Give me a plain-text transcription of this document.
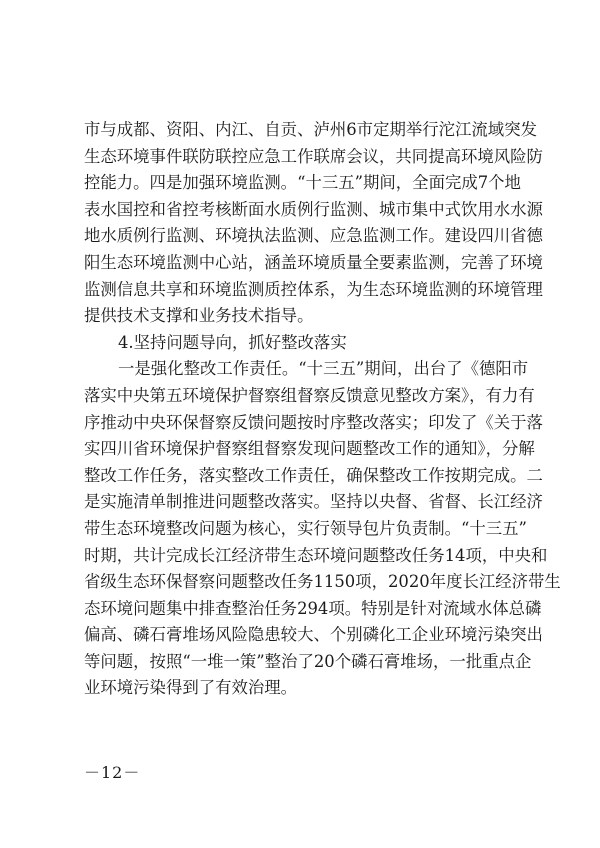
市与成都、资阳、内江、自贡、泸州6市定期举行沱江流域突发
生态环境事件联防联控应急工作联席会议，共同提高环境风险防
控能力。四是加强环境监测。“十三五”期间，全面完成7个地
表水国控和省控考核断面水质例行监测、城市集中式饮用水水源
地水质例行监测、环境执法监测、应急监测工作。建设四川省德
阳生态环境监测中心站，涵盖环境质量全要素监测，完善了环境
监测信息共享和环境监测质控体系，为生态环境监测的环境管理
提供技术支撑和业务技术指导。
4.坚持问题导向，抓好整改落实
一是强化整改工作责任。“十三五”期间，出台了《德阳市
落实中央第五环境保护督察组督察反馈意见整改方案》，有力有
序推动中央环保督察反馈问题按时序整改落实；印发了《关于落
实四川省环境保护督察组督察发现问题整改工作的通知》，分解
整改工作任务，落实整改工作责任，确保整改工作按期完成。二
是实施清单制推进问题整改落实。坚持以央督、省督、长江经济
带生态环境整改问题为核心，实行领导包片负责制。“十三五”
时期，共计完成长江经济带生态环境问题整改任务14项，中央和
省级生态环保督察问题整改任务1150项，2020年度长江经济带生
态环境问题集中排查整治任务294项。特别是针对流域水体总磷
偏高、磷石膏堆场风险隐患较大、个别磷化工企业环境污染突出
等问题，按照“一堆一策”整治了20个磷石膏堆场，一批重点企
业环境污染得到了有效治理。
－12－
